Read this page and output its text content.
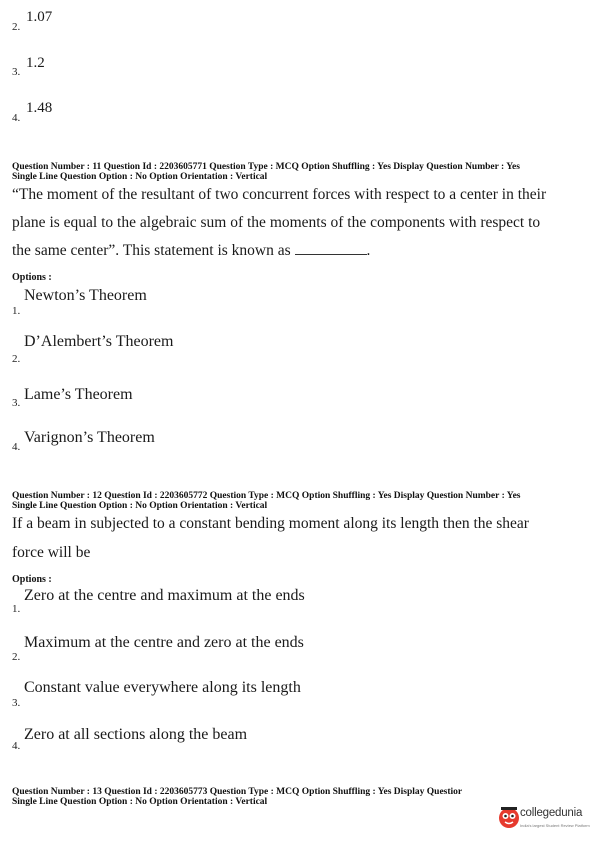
2.
1.07
3.
1.2
4.
1.48
Question Number : 11 Question Id : 2203605771 Question Type : MCQ Option Shuffling : Yes Display Question Number : Yes
Single Line Question Option : No Option Orientation : Vertical
“The moment of the resultant of two concurrent forces with respect to a center in their
plane is equal to the algebraic sum of the moments of the components with respect to
the same center”. This statement is known as	.
Options :
1.
Newton’s Theorem
2.
D’Alembert’s Theorem
3. Lame’s Theorem
4.
Varignon’s Theorem
Question Number : 12 Question Id : 2203605772 Question Type : MCQ Option Shuffling : Yes Display Question Number : Yes
Single Line Question Option : No Option Orientation : Vertical
If a beam in subjected to a constant bending moment along its length then the shear
force will be
Options :
1.
Zero at the centre and maximum at the ends
2.
Maximum at the centre and zero at the ends
3.
Constant value everywhere along its length
4.
Zero at all sections along the beam
Question Number : 13 Question Id : 2203605773 Question Type : MCQ Option Shuffling : Yes Display Questior
Single Line Question Option : No Option Orientation : Vertical
collegedunia
India's largest Student Review Platform
